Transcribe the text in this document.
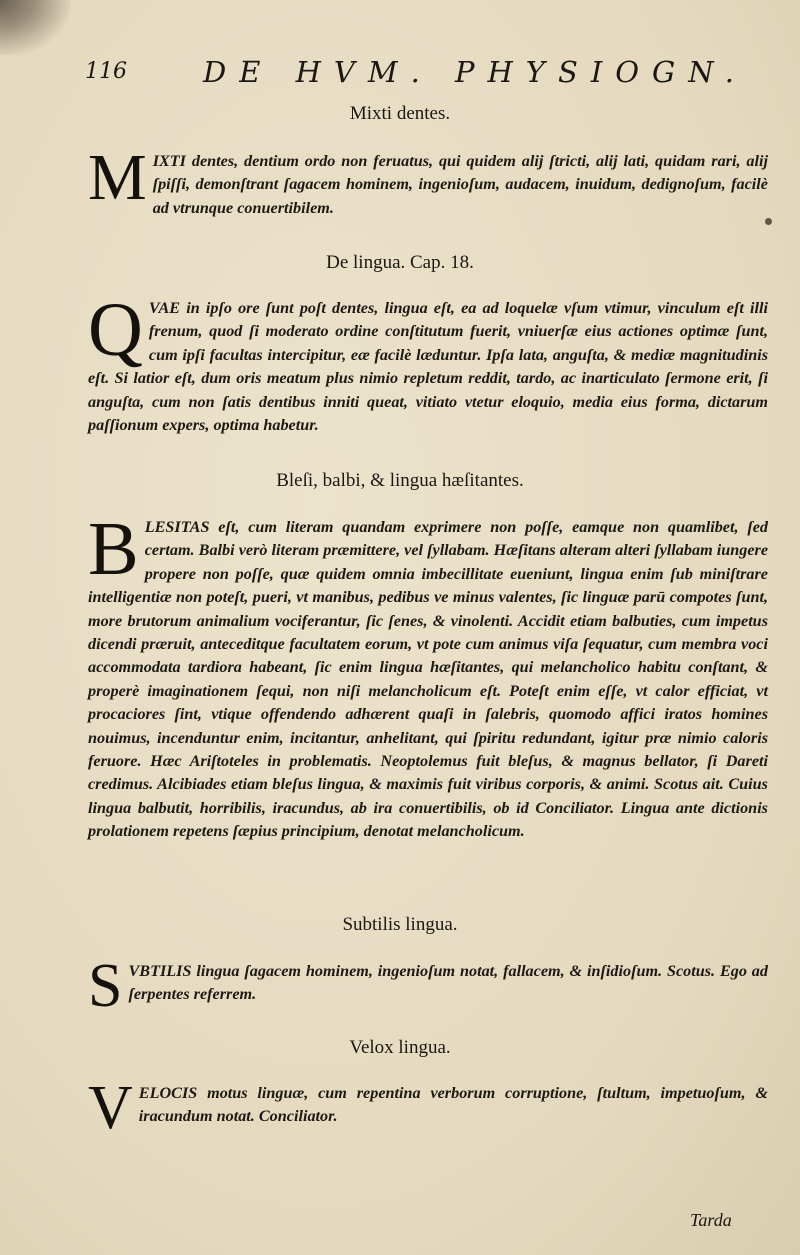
116	DE HVM. PHYSIOGN.
Mixti dentes.
M IXTI dentes, dentium ordo non feruatus, qui quidem alij ſtricti, alij lati, quidam rari, alij ſpiſſi, demonſtrant ſagacem hominem, ingenioſum, audacem, inuidum, dedignoſum, facilè ad vtrunque conuertibilem.
De lingua. Cap. 18.
Q VAE in ipſo ore ſunt poſt dentes, lingua eſt, ea ad loquelæ vſum vtimur, vinculum eſt illi frenum, quod ſi moderato ordine conſtitutum fuerit, vniuerſæ eius actiones optimæ ſunt, cum ipſi facultas intercipitur, eæ facilè læduntur. Ipſa lata, anguſta, & mediæ magnitudinis eſt. Si latior eſt, dum oris meatum plus nimio repletum reddit, tardo, ac inarticulato ſermone erit, ſi anguſta, cum non ſatis dentibus inniti queat, vitiato vtetur eloquio, media eius forma, dictarum paſſionum expers, optima habetur.
Bleſi, balbi, & lingua hæſitantes.
B LESITAS eſt, cum literam quandam exprimere non poſſe, eamque non quamlibet, ſed certam. Balbi verò literam præmittere, vel ſyllabam. Hæſitans alteram alteri ſyllabam iungere propere non poſſe, quæ quidem omnia imbecillitate eueniunt, lingua enim ſub miniſtrare intelligentiæ non poteſt, pueri, vt manibus, pedibus ve minus valentes, ſic linguæ parū compotes ſunt, more brutorum animalium vociferantur, ſic ſenes, & vinolenti. Accidit etiam balbuties, cum impetus dicendi præruit, anteceditque facultatem eorum, vt pote cum animus viſa ſequatur, cum membra voci accommodata tardiora habeant, ſic enim lingua hæſitantes, qui melancholico habitu conſtant, & properè imaginationem ſequi, non niſi melancholicum eſt. Poteſt enim eſſe, vt calor efficiat, vt procaciores ſint, vtique offendendo adhærent quaſi in ſalebris, quomodo affici iratos homines nouimus, incenduntur enim, incitantur, anhelitant, qui ſpiritu redundant, igitur præ nimio caloris feruore. Hæc Ariſtoteles in problematis. Neoptolemus fuit bleſus, & magnus bellator, ſi Dareti credimus. Alcibiades etiam bleſus lingua, & maximis fuit viribus corporis, & animi. Scotus ait. Cuius lingua balbutit, horribilis, iracundus, ab ira conuertibilis, ob id Conciliator. Lingua ante dictionis prolationem repetens ſæpius principium, denotat melancholicum.
Subtilis lingua.
S VBTILIS lingua ſagacem hominem, ingenioſum notat, fallacem, & inſidioſum. Scotus. Ego ad ſerpentes referrem.
Velox lingua.
V ELOCIS motus linguæ, cum repentina verborum corruptione, ſtultum, impetuoſum, & iracundum notat. Conciliator.
Tarda
